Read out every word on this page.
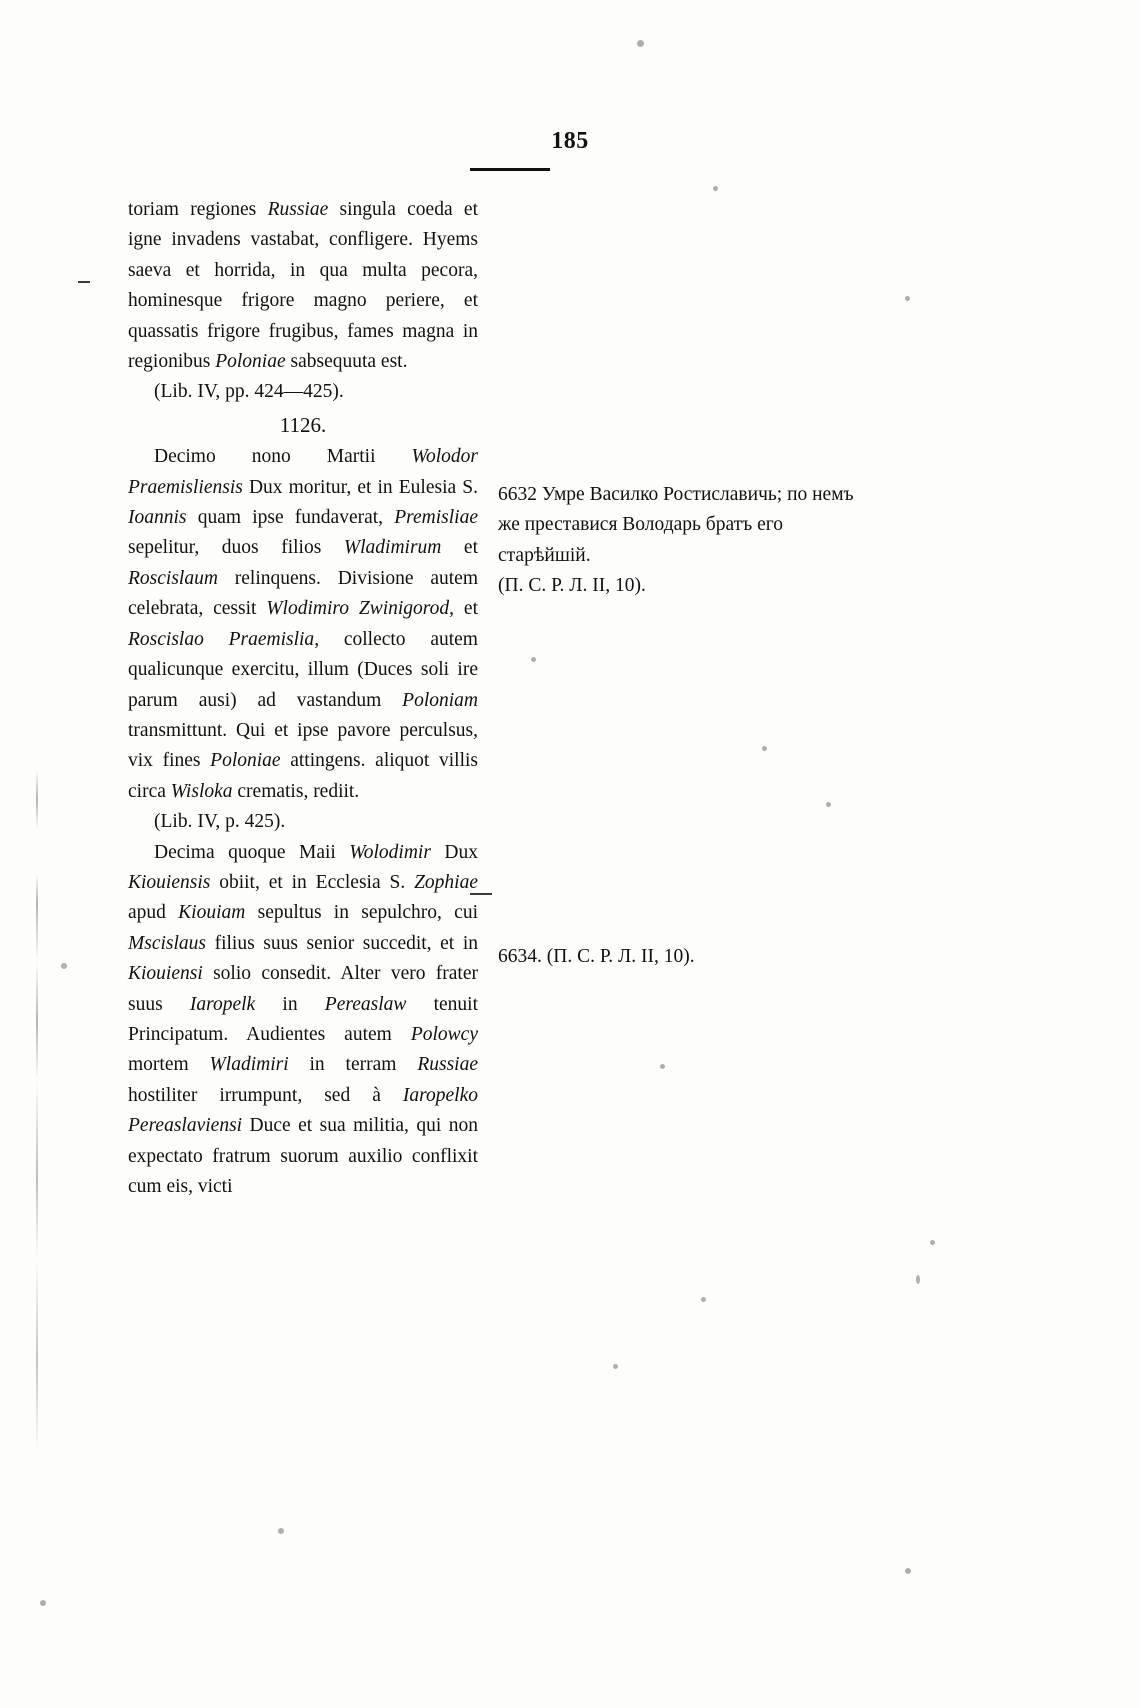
185

toriam regiones Russiae singula coeda et igne invadens vastabat, confligere. Hyems saeva et horrida, in qua multa pecora, hominesque frigore magno periere, et quassatis frigore frugibus, fames magna in regionibus Poloniae sabsequuta est.

(Lib. IV, pp. 424—425).

1126.

Decimo nono Martii Wolodor Praemisliensis Dux moritur, et in Eulesia S. Ioannis quam ipse fundaverat, Premisliae sepelitur, duos filios Wladimirum et Roscislaum relinquens. Divisione autem celebrata, cessit Wlodimiro Zwinigorod, et Roscislao Praemislia, collecto autem qualicunque exercitu, illum (Duces soli ire parum ausi) ad vastandum Poloniam transmittunt. Qui et ipse pavore perculsus, vix fines Poloniae attingens. aliquot villis circa Wisloka crematis, rediit.

(Lib. IV, p. 425).

Decima quoque Maii Wolodimir Dux Kiouiensis obiit, et in Ecclesia S. Zophiae apud Kiouiam sepultus in sepulchro, cui Mscislaus filius suus senior succedit, et in Kiouiensi solio consedit. Alter vero frater suus Iaropelk in Pereaslaw tenuit Principatum. Audientes autem Polowcy mortem Wladimiri in terram Russiae hostiliter irrumpunt, sed à Iaropelko Pereaslaviensi Duce et sua militia, qui non expectato fratrum suorum auxilio conflixit cum eis, victi

6632 Умре Василко Ростиславичь; по немъ же преставися Володарь братъ его старѣйшій.

(П. С. Р. Л. II, 10).

6634. (П. С. Р. Л. II, 10).
